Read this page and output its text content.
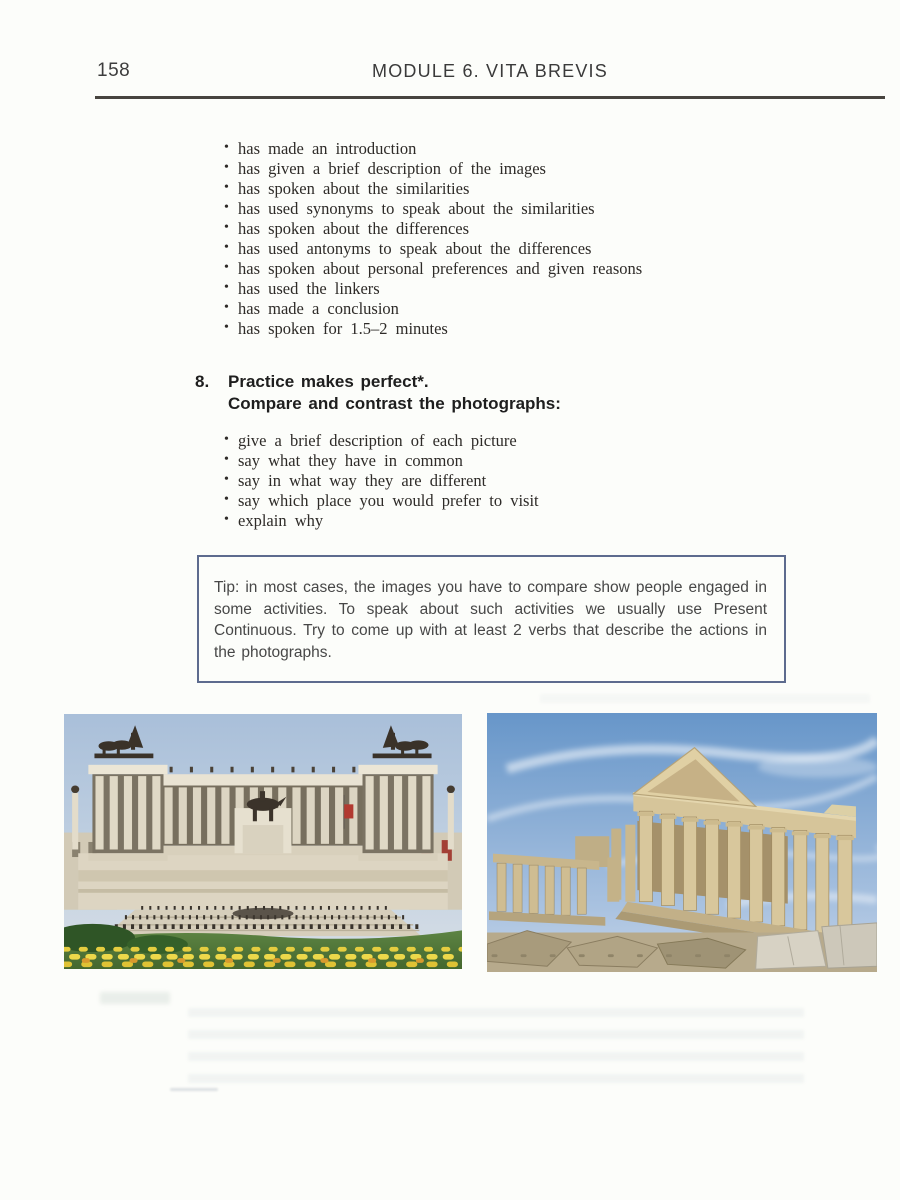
158	MODULE 6. VITA BREVIS
• has made an introduction
• has given a brief description of the images
• has spoken about the similarities
• has used synonyms to speak about the similarities
• has spoken about the differences
• has used antonyms to speak about the differences
• has spoken about personal preferences and given reasons
• has used the linkers
• has made a conclusion
• has spoken for 1.5–2 minutes
8.	Practice makes perfect*.
Compare and contrast the photographs:
• give a brief description of each picture
• say what they have in common
• say in what way they are different
• say which place you would prefer to visit
• explain why
Tip: in most cases, the images you have to compare show people engaged in some activities. To speak about such activities we usually use Present Continuous. Try to come up with at least 2 verbs that describe the actions in the photographs.
